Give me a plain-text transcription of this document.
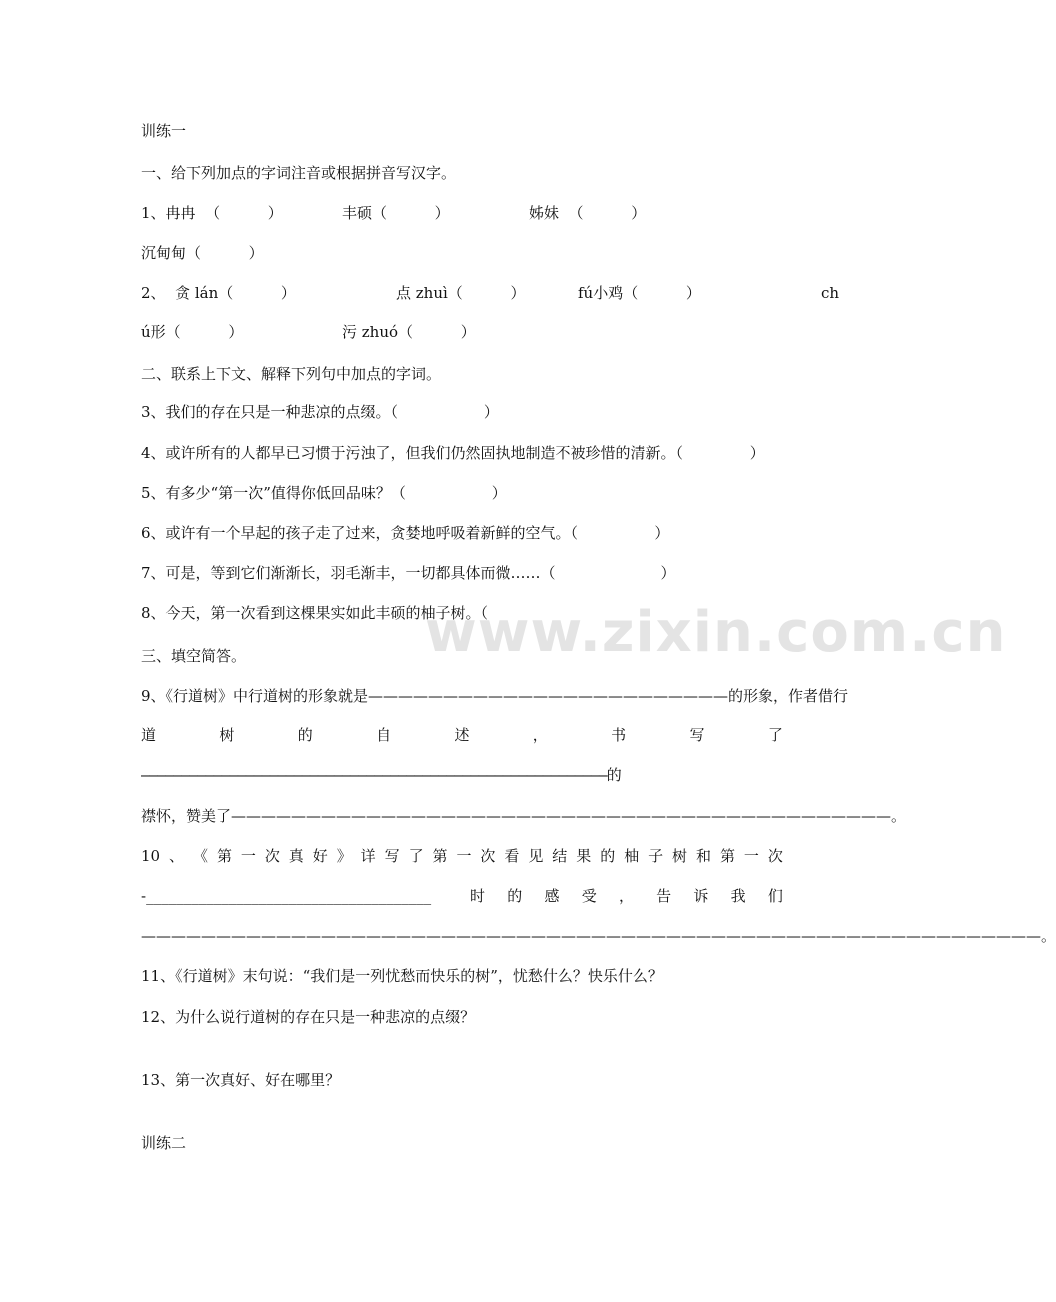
www.zixin.com.cn
训练一
一、给下列加点的字词注音或根据拼音写汉字。
1、冉冉  （          ）	丰硕（          ）	姊妹  （          ）
沉甸甸（          ）
2、  贪 lán（          ）	点 zhuì（          ）	fú小鸡（          ）	ch
ú形（          ）	污 zhuó（          ）
二、联系上下文、解释下列句中加点的字词。
3、我们的存在只是一种悲凉的点缀。（                  ）
4、或许所有的人都早已习惯于污浊了，但我们仍然固执地制造不被珍惜的清新。（              ）
5、有多少“第一次”值得你低回品味？（                  ）
6、或许有一个早起的孩子走了过来，贪婪地呼吸着新鲜的空气。（                ）
7、可是，等到它们渐渐长，羽毛渐丰，一切都具体而微……（                      ）
8、今天，第一次看到这棵果实如此丰硕的柚子树。（
三、填空简答。
9、《行道树》中行道树的形象就是————————————————————————的形象，作者借行
道	树	的	自	述	，	书	写	了
——————————————————————————————————————————————————————————的
襟怀，赞美了————————————————————————————————————————————。
10 、 《 第 一 次 真 好 》 详 写 了 第 一 次 看 见 结 果 的 柚 子 树 和 第 一 次
-______________________________________	时 的 感 受 ， 告 诉 我 们
————————————————————————————————————————————————————————————。
11、《行道树》末句说：“我们是一列忧愁而快乐的树”，忧愁什么？快乐什么？
12、为什么说行道树的存在只是一种悲凉的点缀？
13、第一次真好、好在哪里？
训练二
